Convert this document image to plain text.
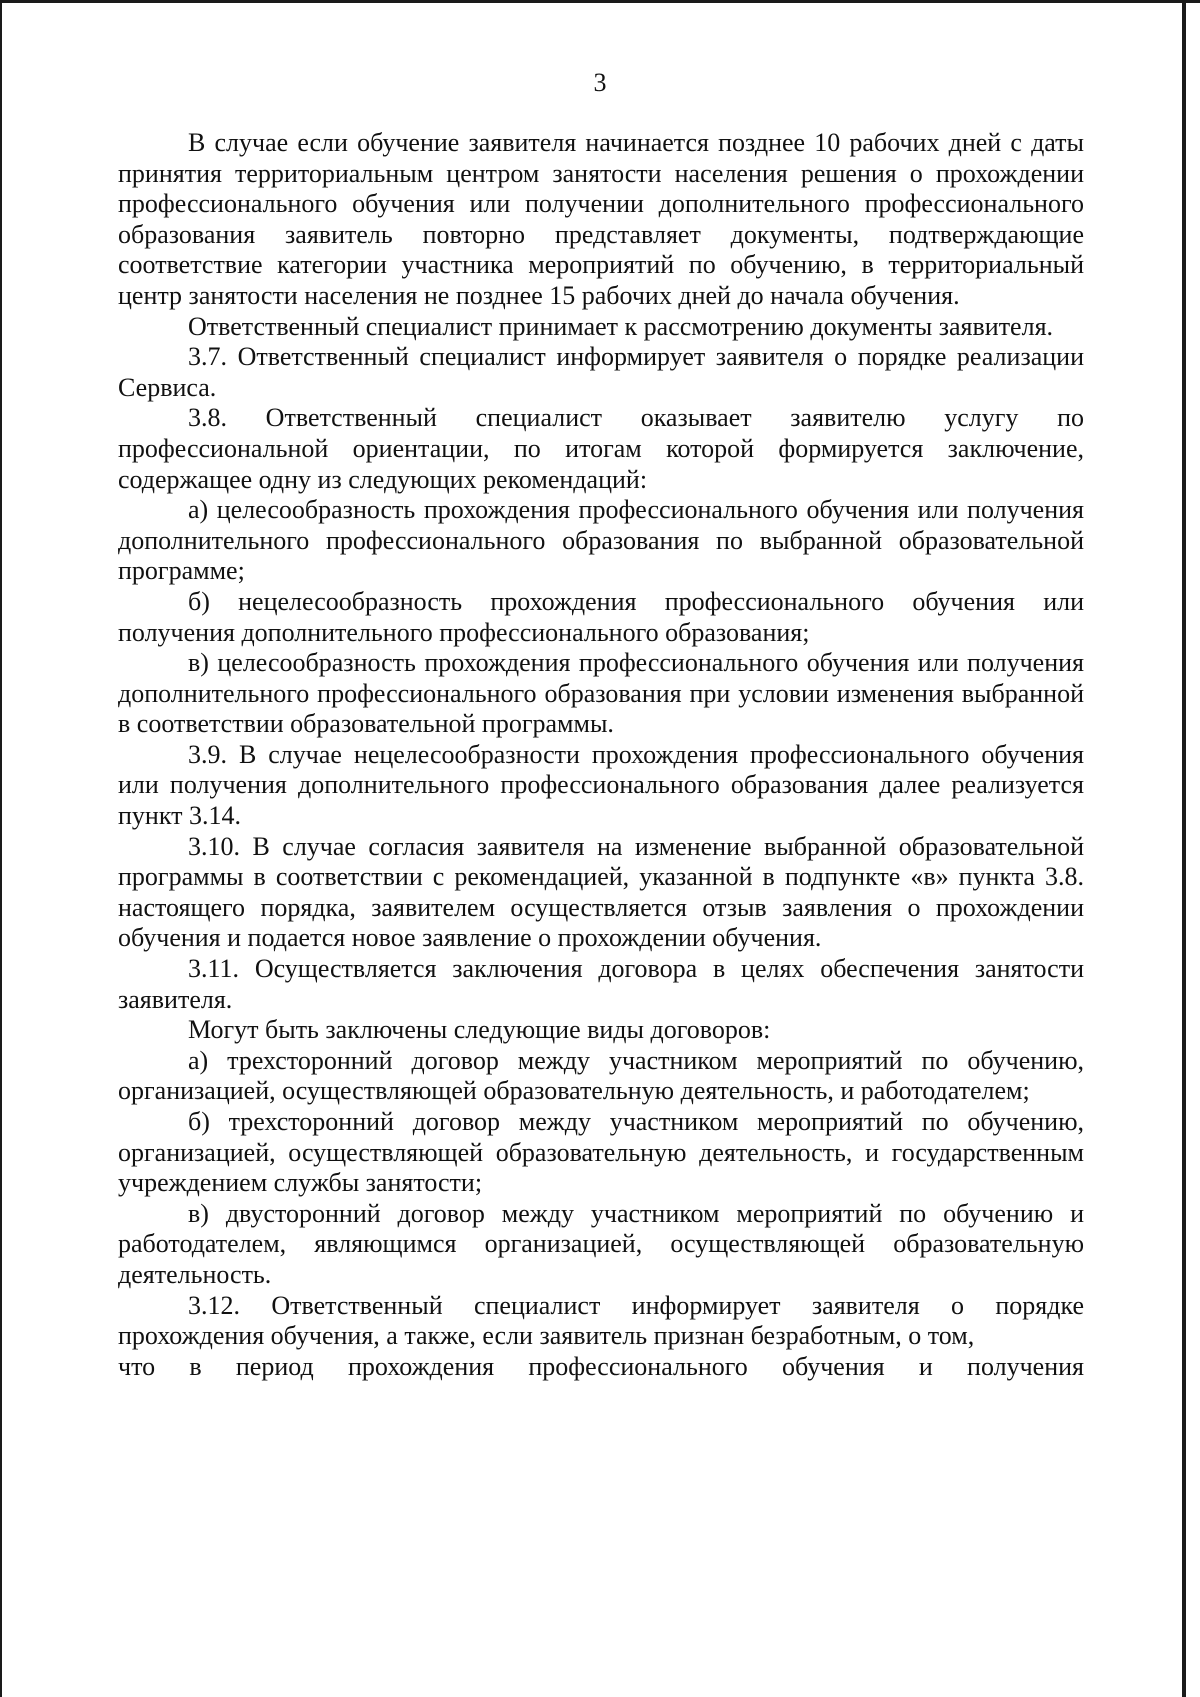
3

В случае если обучение заявителя начинается позднее 10 рабочих дней с даты принятия территориальным центром занятости населения решения о прохождении профессионального обучения или получении дополнительного профессионального образования заявитель повторно представляет документы, подтверждающие соответствие категории участника мероприятий по обучению, в территориальный центр занятости населения не позднее 15 рабочих дней до начала обучения.

Ответственный специалист принимает к рассмотрению документы заявителя.

3.7. Ответственный специалист информирует заявителя о порядке реализации Сервиса.

3.8. Ответственный специалист оказывает заявителю услугу по профессиональной ориентации, по итогам которой формируется заключение, содержащее одну из следующих рекомендаций:

а) целесообразность прохождения профессионального обучения или получения дополнительного профессионального образования по выбранной образовательной программе;

б) нецелесообразность прохождения профессионального обучения или получения дополнительного профессионального образования;

в) целесообразность прохождения профессионального обучения или получения дополнительного профессионального образования при условии изменения выбранной в соответствии образовательной программы.

3.9. В случае нецелесообразности прохождения профессионального обучения или получения дополнительного профессионального образования далее реализуется пункт 3.14.

3.10. В случае согласия заявителя на изменение выбранной образовательной программы в соответствии с рекомендацией, указанной в подпункте «в» пункта 3.8. настоящего порядка, заявителем осуществляется отзыв заявления о прохождении обучения и подается новое заявление о прохождении обучения.

3.11. Осуществляется заключения договора в целях обеспечения занятости заявителя.

Могут быть заключены следующие виды договоров:

а) трехсторонний договор между участником мероприятий по обучению, организацией, осуществляющей образовательную деятельность, и работодателем;

б) трехсторонний договор между участником мероприятий по обучению, организацией, осуществляющей образовательную деятельность, и государственным учреждением службы занятости;

в) двусторонний договор между участником мероприятий по обучению и работодателем, являющимся организацией, осуществляющей образовательную деятельность.

3.12. Ответственный специалист информирует заявителя о порядке прохождения обучения, а также, если заявитель признан безработным, о том,

что в период прохождения профессионального обучения и получения
